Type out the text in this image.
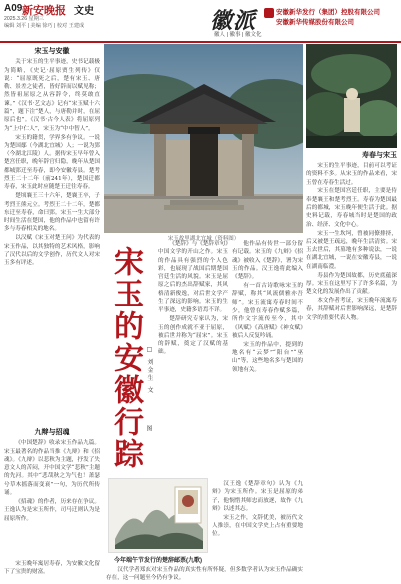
A09 新安晚报 文史
2025.3.26 星期三
编辑 刘平 | 美编 徐巧 | 校对 王建成	徽派
徽人 | 徽事 | 徽文化
安徽新华发行（集团）控股有限公司
安徽新华传媒股份有限公司
宋玉与安徽

关于宋玉的生平事迹，史书记载极为简略，《史记·屈原贾生列传》仅说：“屈原既死之后，楚有宋玉、唐勒、景差之徒者，皆好辞而以赋见称；然皆祖屈原之从容辞令，终莫敢直谏。”《汉书·艺文志》记有“宋玉赋十六篇”，题下注“楚人，与唐勒并时，在屈原后也”。《汉书·古今人表》将屈原列为“上中仁人”，宋玉为“中中智人”。

宋玉的籍贯，学界多有争议。一说为楚国鄢（今湖北宜城）人；一说为郢（今湖北江陵）人。据传宋玉早年曾入楚宫任职，晚年辞官归隐，晚年从楚国都城郢迁至寿春，即今安徽寿县。楚考烈王二十二年（前241年），楚国迁都寿春，宋玉此时应随楚王迁往寿春。

楚顷襄王三十六年，楚襄王卒，子考烈王熊元立。考烈王二十二年，楚都东迁至寿春，命曰郢。宋玉一生大部分时间生活在楚国，他的作品中也留有许多与寿春相关的地名。

以汉赋《宋玉对楚王问》为代表的宋玉作品，以其独特的艺术风格，影响了汉代以后的文学创作，历代文人对宋玉多有评述。

九辩与招魂

《中国楚辞》收录宋玉作品九篇。宋玉最著名的作品当推《九辩》和《招魂》。《九辩》以悲秋为主题，抒发了失意文人的苦闷，开中国文学“悲秋”主题的先河。其中“悲哉秋之为气也！萧瑟兮草木摇落而变衰”一句，为历代所传诵。

《招魂》的作者，历来存在争议。王逸认为是宋玉所作，司马迁则认为是屈原所作。

宋玉晚年寓居寿春，为安徽文化留下了宝贵的财富。

宋玉故里湖北宜城（资料图）
寿春与宋玉

宋玉的生平事迹，目前可以考证的资料不多。从宋玉的作品来看，宋玉曾在寿春生活过。

宋玉在楚国宫廷任职，主要是侍奉楚襄王和楚考烈王。寿春为楚国最后的都城，宋玉晚年便生活于此。据史料记载，寿春城当时是楚国的政治、经济、文化中心。

宋玉一生坎坷，曾被同僚排挤，后又被楚王疏远，晚年生活清贫。宋玉去世后，其墓地有多种说法，一说在湖北宜城，一说在安徽寿县，一说在湖南临澧。

寿县作为楚国故都，历史底蕴深厚。宋玉在这里写下了许多名篇，为楚文化的发展作出了贡献。

本文作者考证，宋玉晚年流寓寿春，其辞赋对后世影响深远，是楚辞文学的重要代表人物。

宋玉的安徽行踪 □ 刘金生 文
图

《楚辞》与《楚辞章句》中国文学的开山之作。宋玉的作品具有强烈的个人色彩，也展现了战国后期楚国宫廷生活的风貌。宋玉是屈原之后的杰出辞赋家，其风格清新俊逸，对后世文学产生了深远的影响。宋玉的生平事迹，史籍多语焉不详。

楚辞研究专家认为，宋玉的创作成就不亚于屈原，被后世并称为“屈宋”。宋玉的辞赋，奠定了汉赋的基础。

他作品有传世一部分留有记载。宋玉的《九辩》《招魂》被收入《楚辞》，署为宋玉的作品。汉王逸将此编入《楚辞》。

有一首古诗歌咏宋玉的辞赋，称其“风流儒雅亦吾师”。宋玉流寓寿春时间不少，他曾在寿春作赋多篇，所作文字流传至今，其中《风赋》《高唐赋》《神女赋》被后人反复吟诵。

宋玉的作品中，提到的地名有“云梦”“阳台”“巫山”等，这些地名多与楚国的领地有关。

今年端午节发行的楚辞邮票(九歌)

汉王逸《楚辞章句》认为《九辩》为宋玉所作。宋玉是屈原的弟子，他悯惜其师忠而放逐，故作《九辩》以述其志。

宋玉之作，文辞优美，被历代文人推崇，在中国文学史上占有重要地位。

汉代学者郑玄对宋玉作品的真实性有所怀疑，但多数学者认为宋玉作品确实存在，这一问题至今仍有争议。
